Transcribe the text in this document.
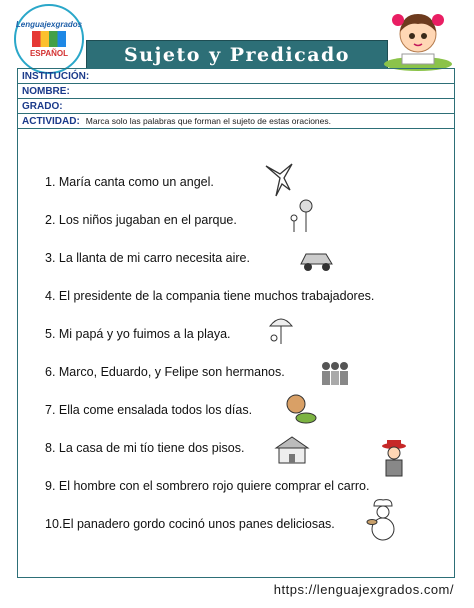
Lenguajexgrados
ESPAÑOL	Sujeto y Predicado
INSTITUCIÓN:
NOMBRE:
GRADO:
ACTIVIDAD: Marca solo las palabras que forman el sujeto de estas oraciones.
1. María canta como un angel.
2. Los niños jugaban en el parque.
3. La llanta de mi carro necesita aire.
4. El presidente de la compania tiene muchos trabajadores.
5. Mi papá y yo fuimos a la playa.
6. Marco, Eduardo, y Felipe son hermanos.
7. Ella come ensalada todos los días.
8. La casa de mi tío tiene dos pisos.
9. El hombre con el sombrero rojo quiere comprar el carro.
10.El panadero gordo cocinó unos panes deliciosas.
https://lenguajexgrados.com/
